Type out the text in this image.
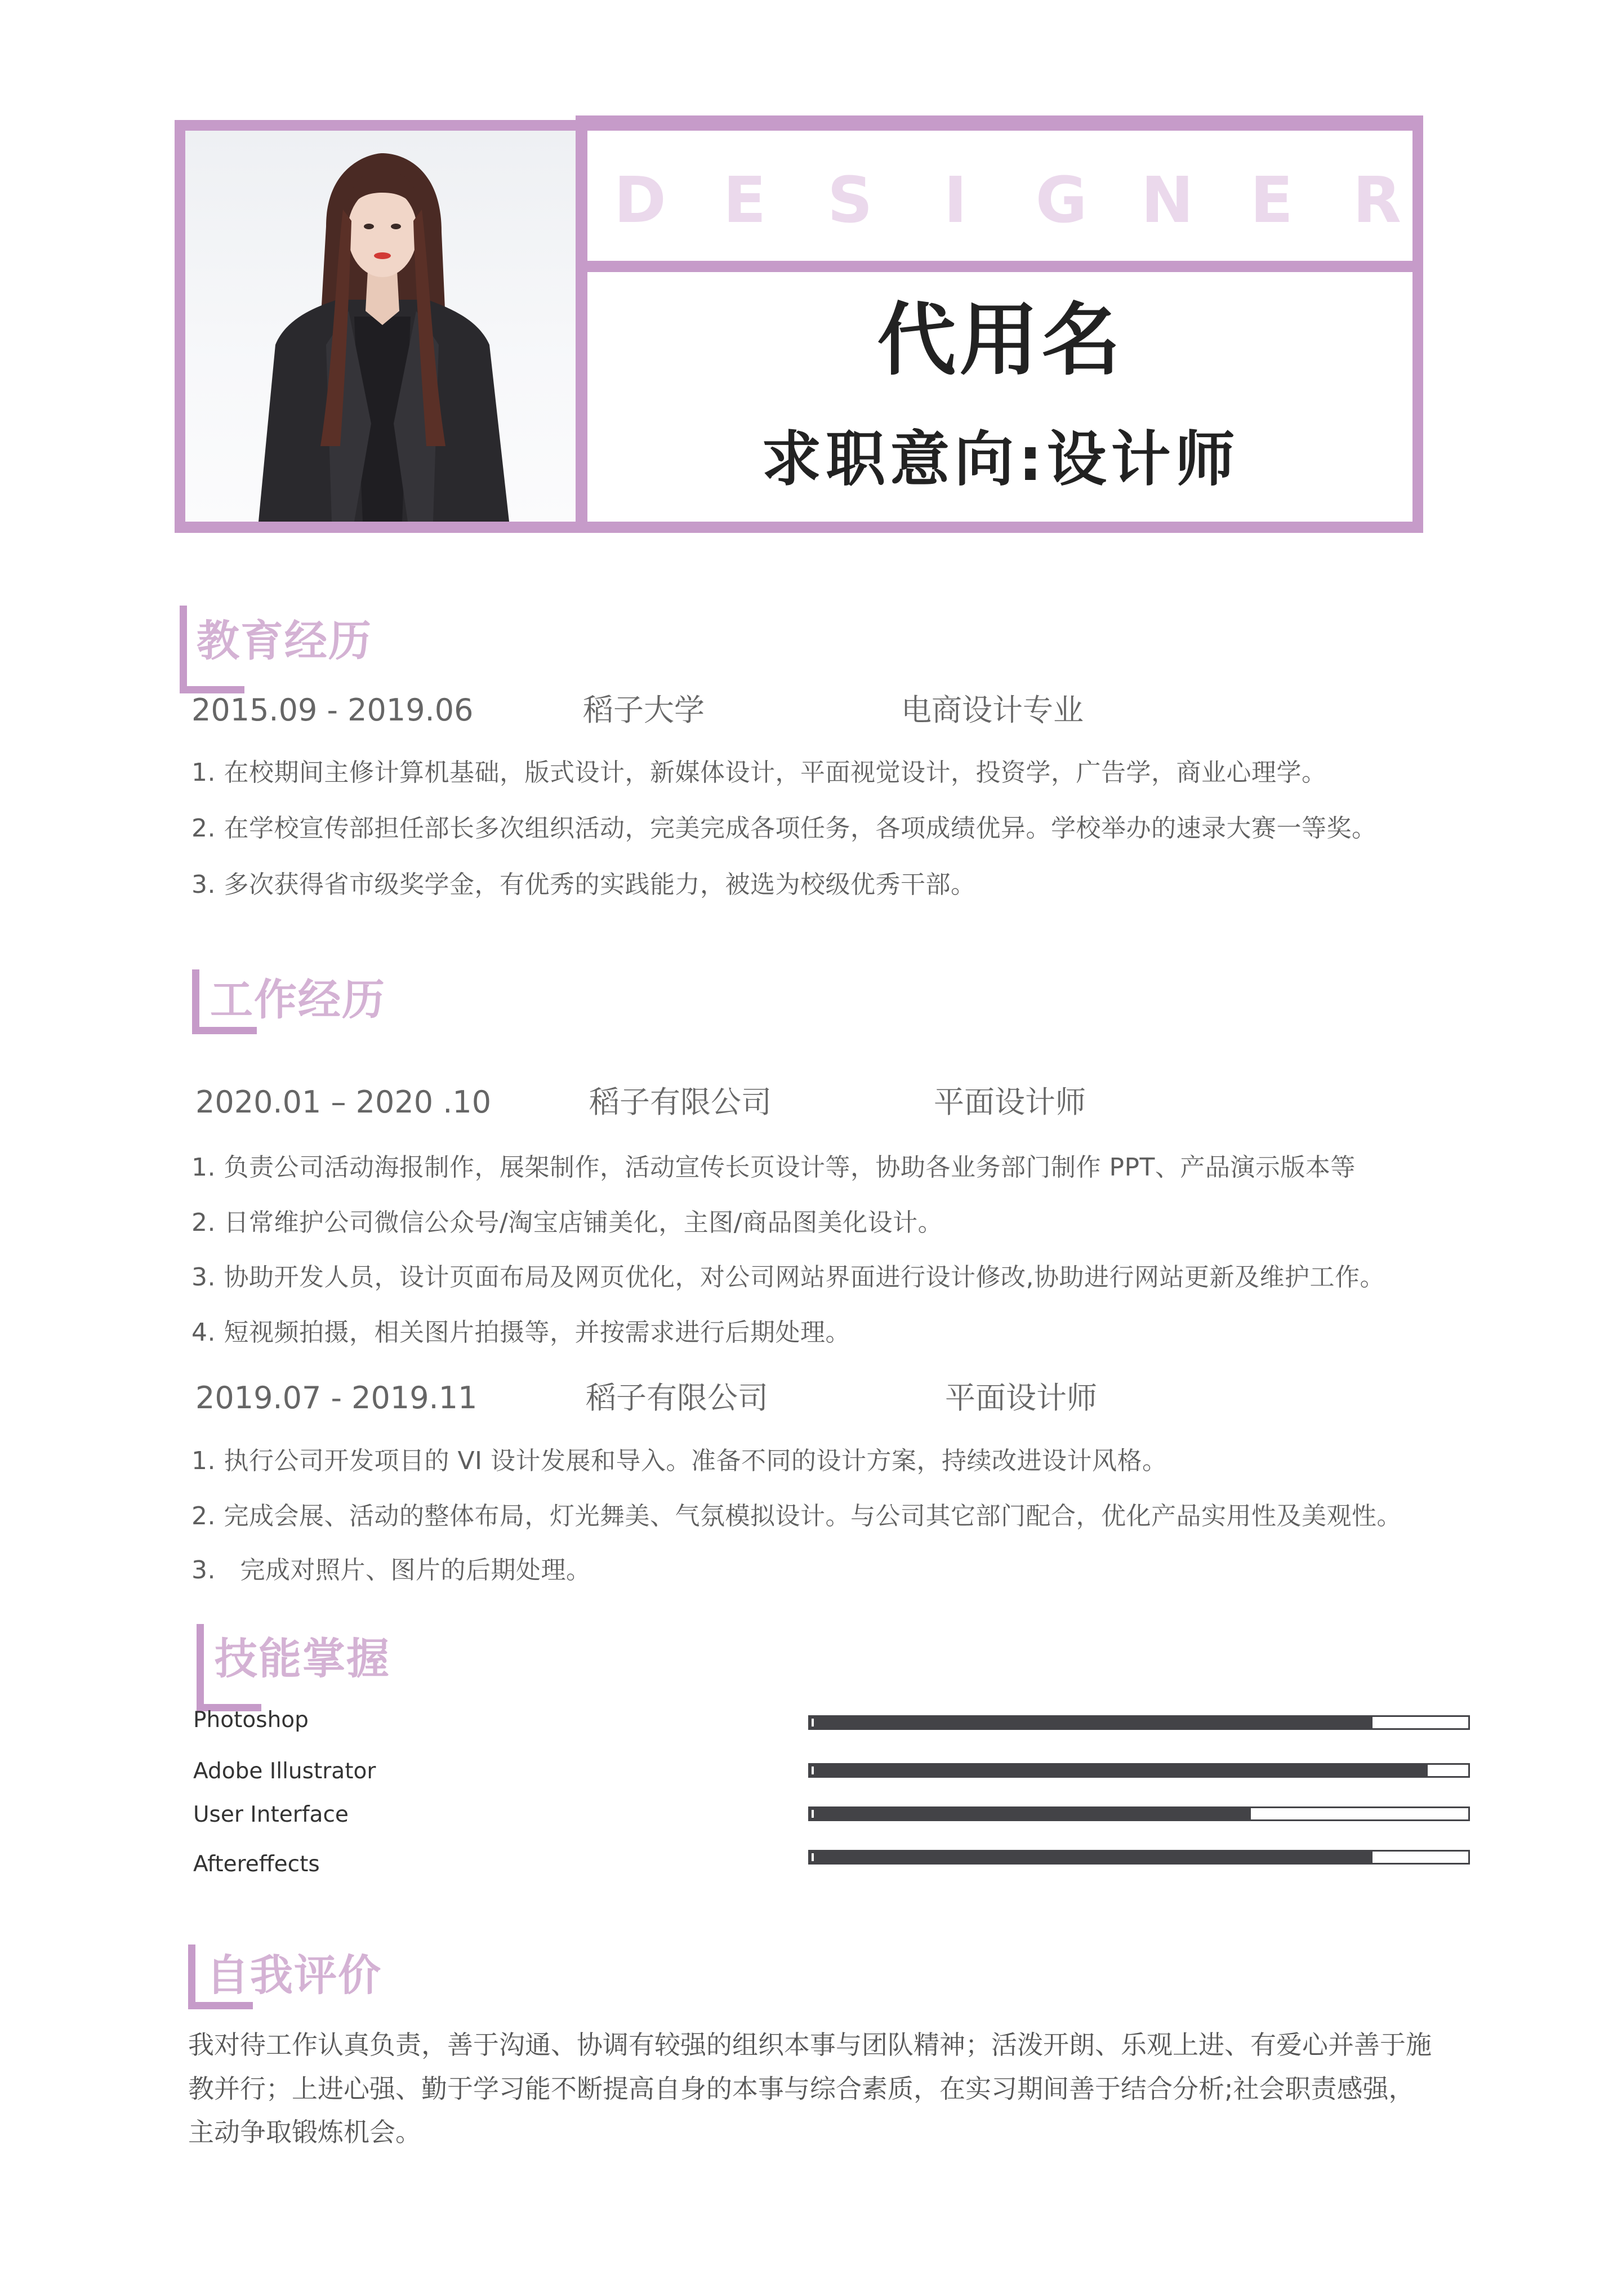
D E S I G N E R
代用名
求职意向:设计师
教育经历
2015.09 - 2019.06	稻子大学	电商设计专业
1. 在校期间主修计算机基础，版式设计，新媒体设计，平面视觉设计，投资学，广告学，商业心理学。
2. 在学校宣传部担任部长多次组织活动，完美完成各项任务，各项成绩优异。学校举办的速录大赛一等奖。
3. 多次获得省市级奖学金，有优秀的实践能力，被选为校级优秀干部。
工作经历
2020.01 – 2020 .10	稻子有限公司	平面设计师
1. 负责公司活动海报制作，展架制作，活动宣传长页设计等，协助各业务部门制作 PPT、产品演示版本等
2. 日常维护公司微信公众号/淘宝店铺美化，主图/商品图美化设计。
3. 协助开发人员，设计页面布局及网页优化，对公司网站界面进行设计修改,协助进行网站更新及维护工作。
4. 短视频拍摄，相关图片拍摄等，并按需求进行后期处理。
2019.07 - 2019.11	稻子有限公司	平面设计师
1. 执行公司开发项目的 VI 设计发展和导入。准备不同的设计方案，持续改进设计风格。
2. 完成会展、活动的整体布局，灯光舞美、气氛模拟设计。与公司其它部门配合，优化产品实用性及美观性。
3.   完成对照片、图片的后期处理。
技能掌握
Photoshop
Adobe Illustrator
User Interface
Aftereffects
自我评价
我对待工作认真负责，善于沟通、协调有较强的组织本事与团队精神；活泼开朗、乐观上进、有爱心并善于施
教并行；上进心强、勤于学习能不断提高自身的本事与综合素质，在实习期间善于结合分析;社会职责感强，
主动争取锻炼机会。
